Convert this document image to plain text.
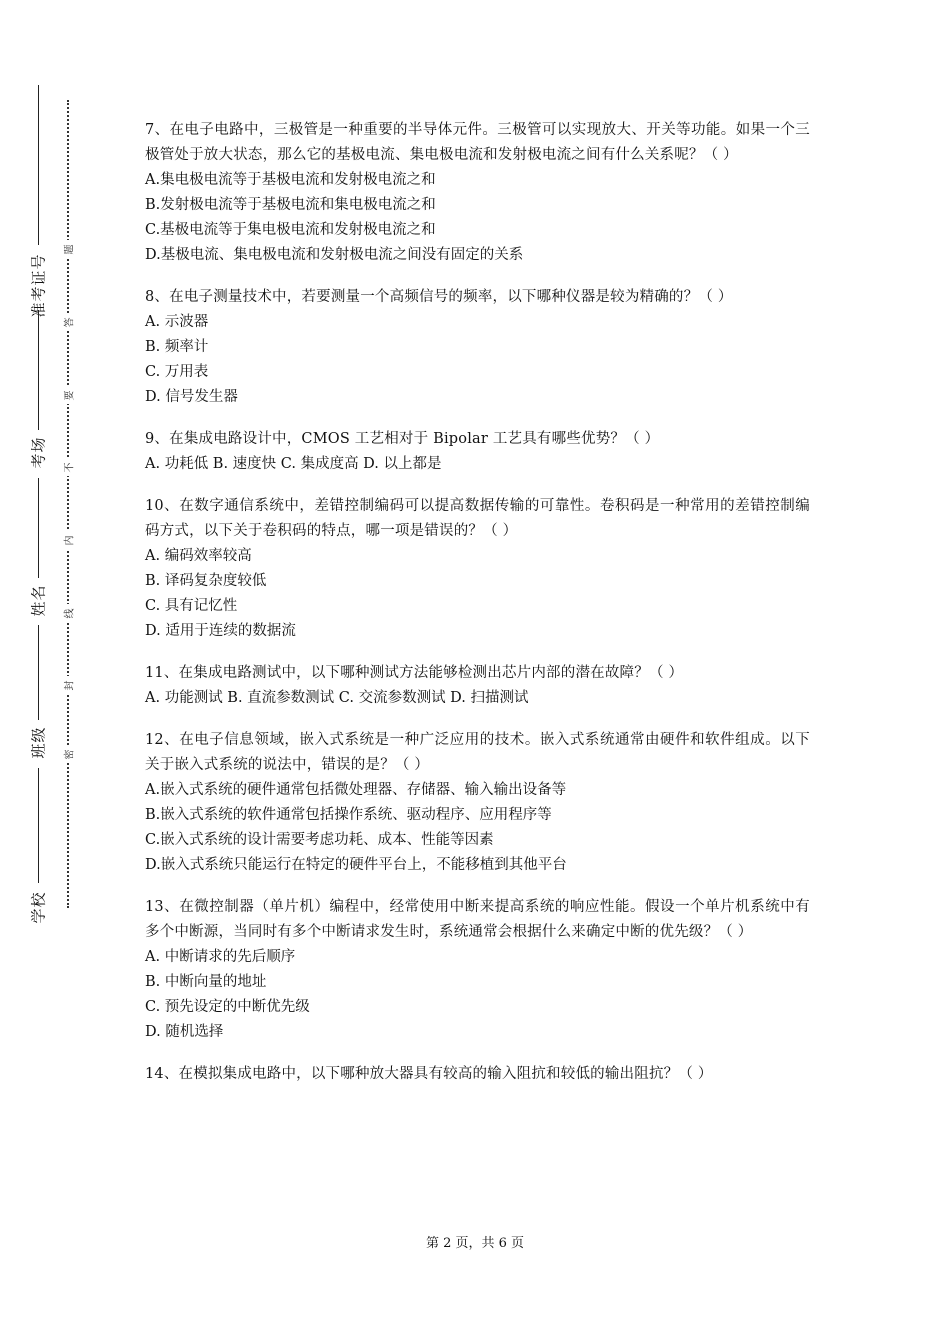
准考证号
考场
姓名
班级
学校
题
答
要
不
内
线
封
密

7、在电子电路中，三极管是一种重要的半导体元件。三极管可以实现放大、开关等功能。如果一个三极管处于放大状态，那么它的基极电流、集电极电流和发射极电流之间有什么关系呢？（ ）

A.集电极电流等于基极电流和发射极电流之和

B.发射极电流等于基极电流和集电极电流之和

C.基极电流等于集电极电流和发射极电流之和

D.基极电流、集电极电流和发射极电流之间没有固定的关系

8、在电子测量技术中，若要测量一个高频信号的频率，以下哪种仪器是较为精确的？（ ）

A. 示波器

B. 频率计

C. 万用表

D. 信号发生器

9、在集成电路设计中，CMOS 工艺相对于 Bipolar 工艺具有哪些优势？（ ）

A. 功耗低 B. 速度快 C. 集成度高 D. 以上都是

10、在数字通信系统中，差错控制编码可以提高数据传输的可靠性。卷积码是一种常用的差错控制编码方式，以下关于卷积码的特点，哪一项是错误的？（ ）

A. 编码效率较高

B. 译码复杂度较低

C. 具有记忆性

D. 适用于连续的数据流

11、在集成电路测试中，以下哪种测试方法能够检测出芯片内部的潜在故障？（ ）

A. 功能测试 B. 直流参数测试 C. 交流参数测试 D. 扫描测试

12、在电子信息领域，嵌入式系统是一种广泛应用的技术。嵌入式系统通常由硬件和软件组成。以下关于嵌入式系统的说法中，错误的是？（ ）

A.嵌入式系统的硬件通常包括微处理器、存储器、输入输出设备等

B.嵌入式系统的软件通常包括操作系统、驱动程序、应用程序等

C.嵌入式系统的设计需要考虑功耗、成本、性能等因素

D.嵌入式系统只能运行在特定的硬件平台上，不能移植到其他平台

13、在微控制器（单片机）编程中，经常使用中断来提高系统的响应性能。假设一个单片机系统中有多个中断源，当同时有多个中断请求发生时，系统通常会根据什么来确定中断的优先级？（ ）

A. 中断请求的先后顺序

B. 中断向量的地址

C. 预先设定的中断优先级

D. 随机选择

14、在模拟集成电路中，以下哪种放大器具有较高的输入阻抗和较低的输出阻抗？（ ）

第 2 页，共 6 页
